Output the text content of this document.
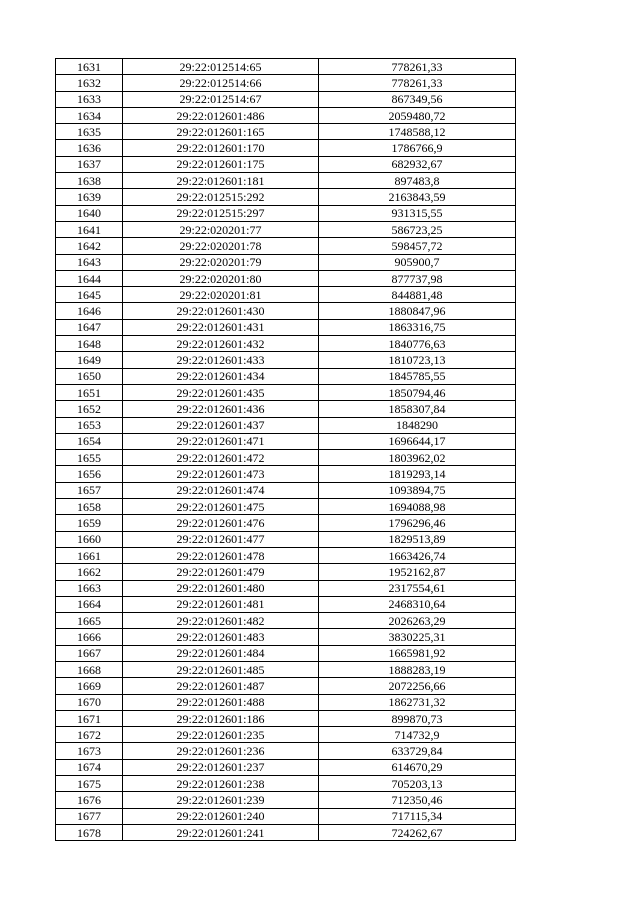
1631	29:22:012514:65	778261,33
1632	29:22:012514:66	778261,33
1633	29:22:012514:67	867349,56
1634	29:22:012601:486	2059480,72
1635	29:22:012601:165	1748588,12
1636	29:22:012601:170	1786766,9
1637	29:22:012601:175	682932,67
1638	29:22:012601:181	897483,8
1639	29:22:012515:292	2163843,59
1640	29:22:012515:297	931315,55
1641	29:22:020201:77	586723,25
1642	29:22:020201:78	598457,72
1643	29:22:020201:79	905900,7
1644	29:22:020201:80	877737,98
1645	29:22:020201:81	844881,48
1646	29:22:012601:430	1880847,96
1647	29:22:012601:431	1863316,75
1648	29:22:012601:432	1840776,63
1649	29:22:012601:433	1810723,13
1650	29:22:012601:434	1845785,55
1651	29:22:012601:435	1850794,46
1652	29:22:012601:436	1858307,84
1653	29:22:012601:437	1848290
1654	29:22:012601:471	1696644,17
1655	29:22:012601:472	1803962,02
1656	29:22:012601:473	1819293,14
1657	29:22:012601:474	1093894,75
1658	29:22:012601:475	1694088,98
1659	29:22:012601:476	1796296,46
1660	29:22:012601:477	1829513,89
1661	29:22:012601:478	1663426,74
1662	29:22:012601:479	1952162,87
1663	29:22:012601:480	2317554,61
1664	29:22:012601:481	2468310,64
1665	29:22:012601:482	2026263,29
1666	29:22:012601:483	3830225,31
1667	29:22:012601:484	1665981,92
1668	29:22:012601:485	1888283,19
1669	29:22:012601:487	2072256,66
1670	29:22:012601:488	1862731,32
1671	29:22:012601:186	899870,73
1672	29:22:012601:235	714732,9
1673	29:22:012601:236	633729,84
1674	29:22:012601:237	614670,29
1675	29:22:012601:238	705203,13
1676	29:22:012601:239	712350,46
1677	29:22:012601:240	717115,34
1678	29:22:012601:241	724262,67
